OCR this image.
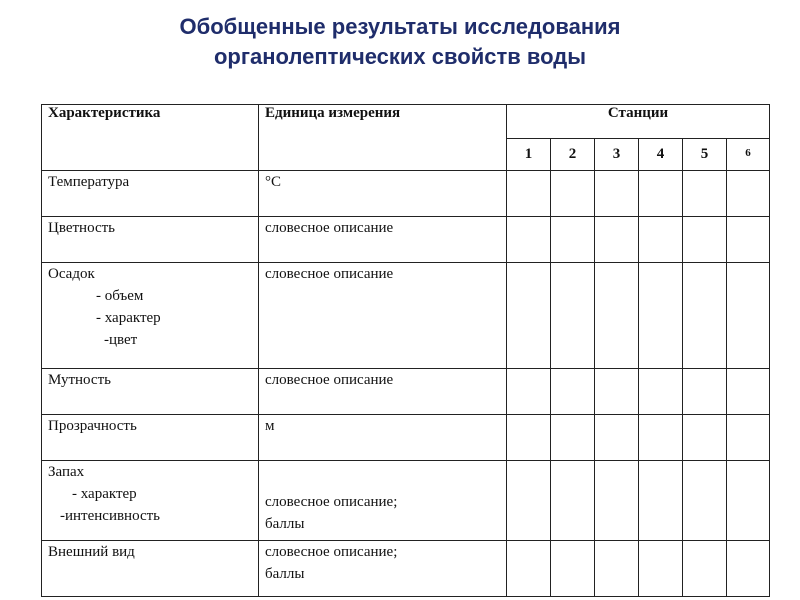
Обобщенные результаты исследования
органолептических свойств воды
Характеристика	Единица измерения	Станции					
		1	2	3	4	5	6

Температура	°С						

Цветность	словесное описание						

Осадок
- объем
- характер
-цвет	словесное описание						

Мутность	словесное описание						

Прозрачность	м						

Запах
- характер
-интенсивность	словесное описание;
баллы						

Внешний вид	словесное описание;
баллы						
